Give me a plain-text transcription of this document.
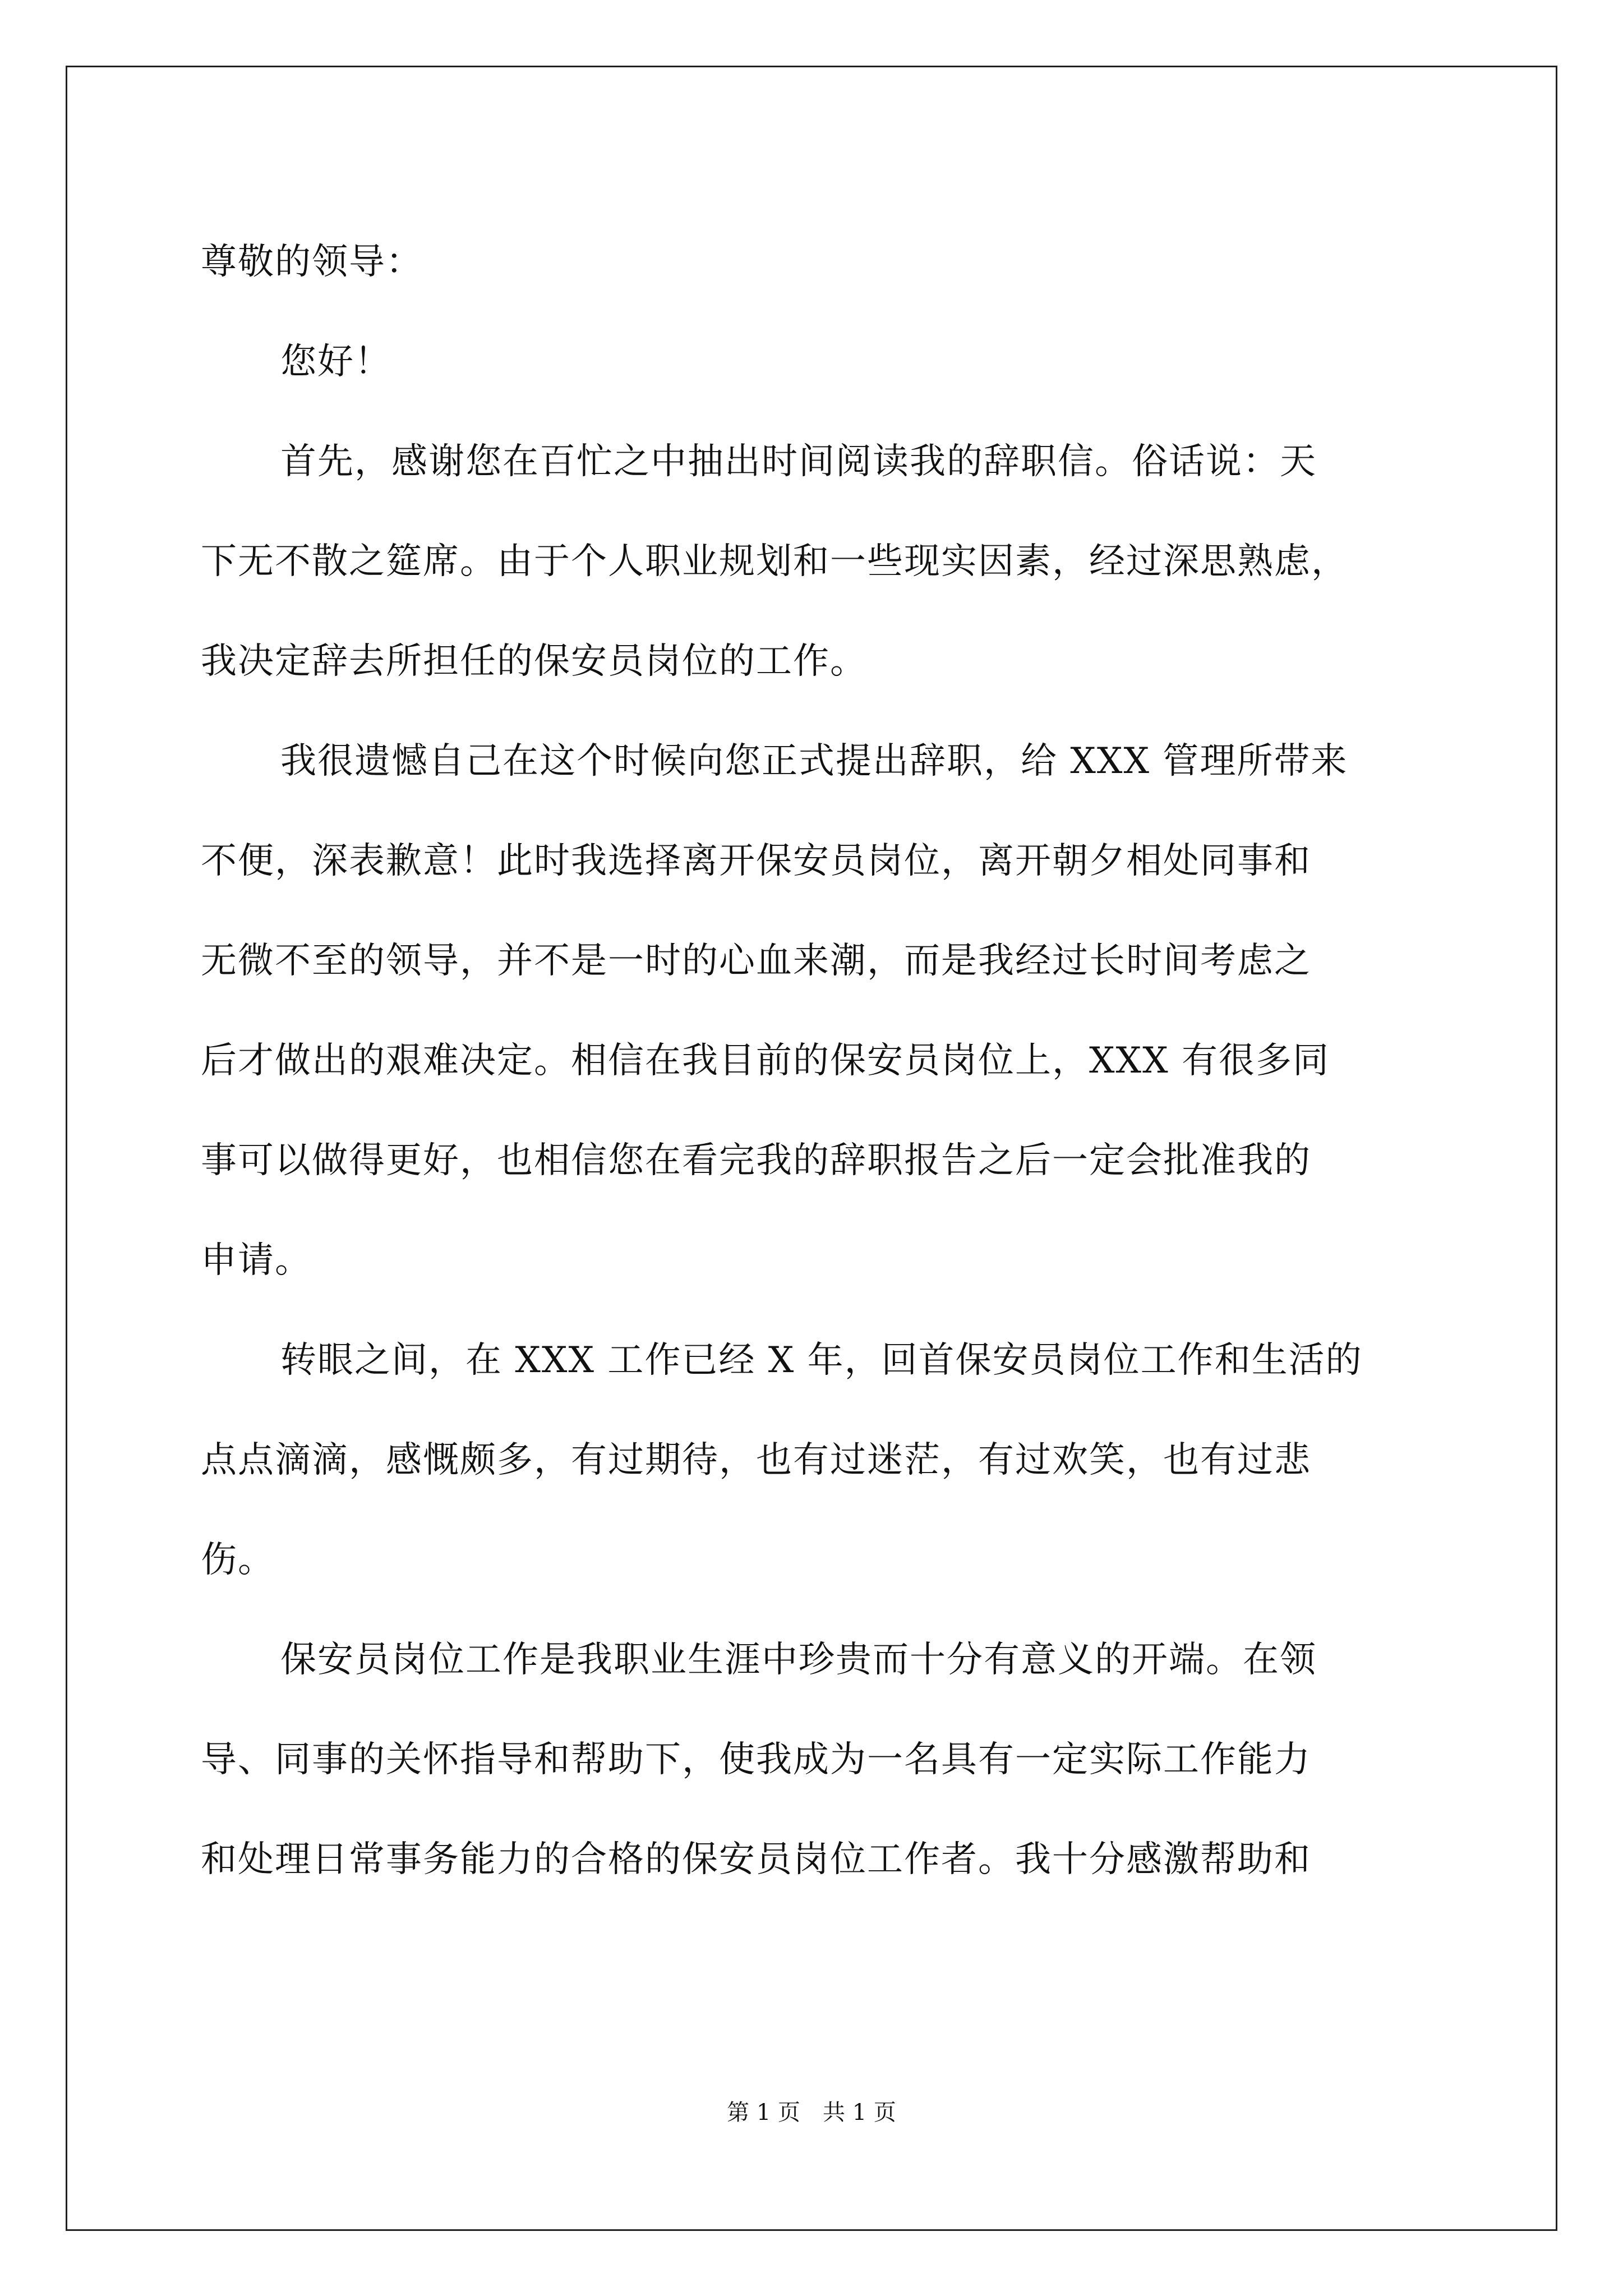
尊敬的领导：
您好！
首先，感谢您在百忙之中抽出时间阅读我的辞职信。俗话说：天
下无不散之筵席。由于个人职业规划和一些现实因素，经过深思熟虑，
我决定辞去所担任的保安员岗位的工作。
我很遗憾自己在这个时候向您正式提出辞职，给 XXX 管理所带来
不便，深表歉意！此时我选择离开保安员岗位，离开朝夕相处同事和
无微不至的领导，并不是一时的心血来潮，而是我经过长时间考虑之
后才做出的艰难决定。相信在我目前的保安员岗位上，XXX 有很多同
事可以做得更好，也相信您在看完我的辞职报告之后一定会批准我的
申请。
转眼之间，在 XXX 工作已经 X 年，回首保安员岗位工作和生活的
点点滴滴，感慨颇多，有过期待，也有过迷茫，有过欢笑，也有过悲
伤。
保安员岗位工作是我职业生涯中珍贵而十分有意义的开端。在领
导、同事的关怀指导和帮助下，使我成为一名具有一定实际工作能力
和处理日常事务能力的合格的保安员岗位工作者。我十分感激帮助和
第 1 页 共 1 页
